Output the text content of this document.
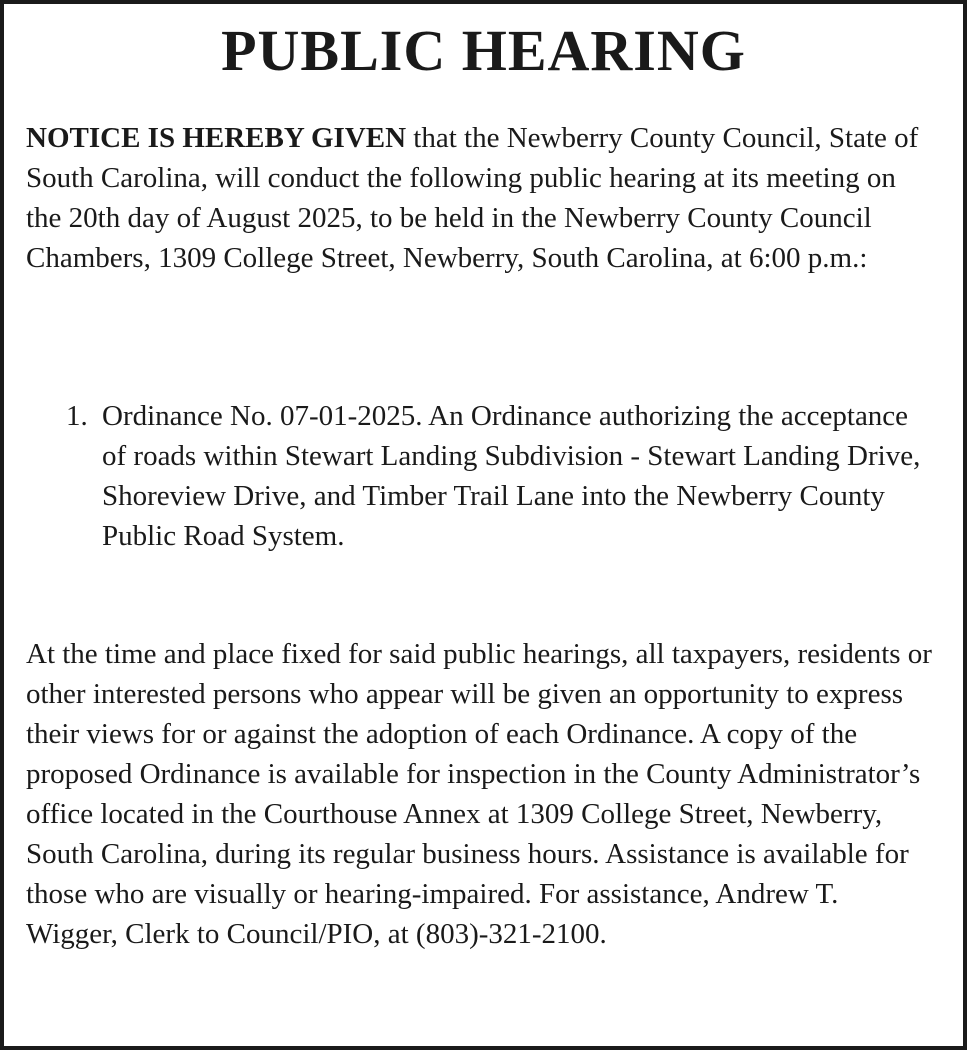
PUBLIC HEARING

NOTICE IS HEREBY GIVEN that the Newberry County Council, State of South Carolina, will conduct the following public hearing at its meeting on the 20th day of August 2025, to be held in the Newberry County Council Chambers, 1309 College Street, Newberry, South Carolina, at 6:00 p.m.:

1. Ordinance No. 07-01-2025. An Ordinance authorizing the acceptance of roads within Stewart Landing Subdivision - Stewart Landing Drive, Shoreview Drive, and Timber Trail Lane into the Newberry County Public Road System.

At the time and place fixed for said public hearings, all taxpayers, residents or other interested persons who appear will be given an opportunity to express their views for or against the adoption of each Ordinance. A copy of the proposed Ordinance is available for inspection in the County Administrator’s office located in the Courthouse Annex at 1309 College Street, Newberry, South Carolina, during its regular business hours. Assistance is available for those who are visually or hearing-impaired. For assistance, Andrew T. Wigger, Clerk to Council/PIO, at (803)-321-2100.
